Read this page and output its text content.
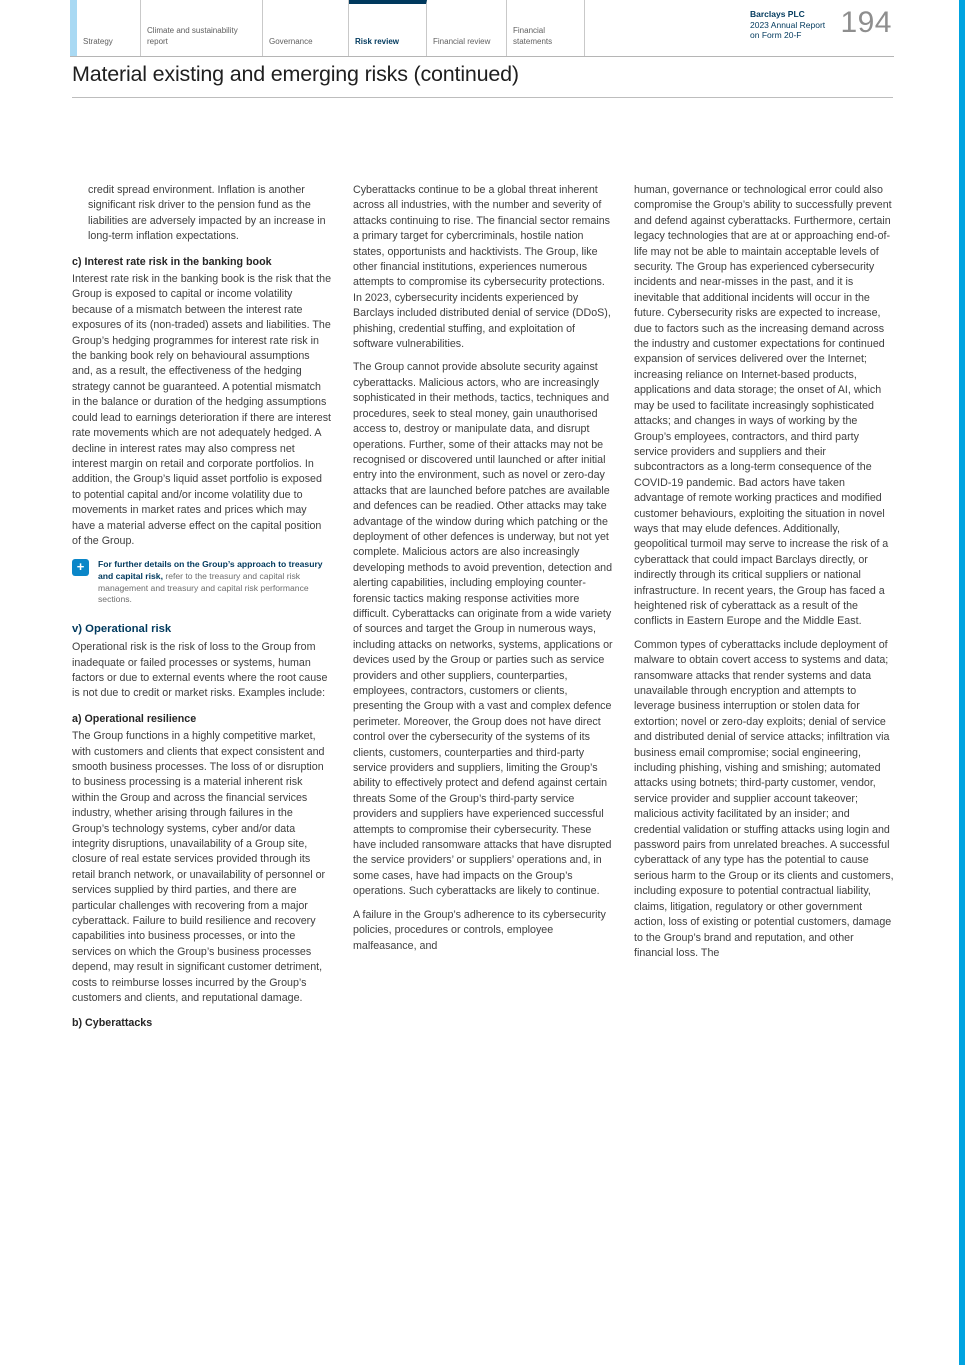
Strategy
Climate and sustainability report	Governance	Risk review	Financial review
Financial statements
Barclays PLC
2023 Annual Report
on Form 20-F	194
Material existing and emerging risks (continued)

credit spread environment. Inflation is another significant risk driver to the pension fund as the liabilities are adversely impacted by an increase in long-term inflation expectations.

c) Interest rate risk in the banking book

Interest rate risk in the banking book is the risk that the Group is exposed to capital or income volatility because of a mismatch between the interest rate exposures of its (non-traded) assets and liabilities. The Group’s hedging programmes for interest rate risk in the banking book rely on behavioural assumptions and, as a result, the effectiveness of the hedging strategy cannot be guaranteed. A potential mismatch in the balance or duration of the hedging assumptions could lead to earnings deterioration if there are interest rate movements which are not adequately hedged. A decline in interest rates may also compress net interest margin on retail and corporate portfolios. In addition, the Group’s liquid asset portfolio is exposed to potential capital and/or income volatility due to movements in market rates and prices which may have a material adverse effect on the capital position of the Group.

+	For further details on the Group’s approach to treasury and capital risk, refer to the treasury and capital risk management and treasury and capital risk performance sections.
v) Operational risk

Operational risk is the risk of loss to the Group from inadequate or failed processes or systems, human factors or due to external events where the root cause is not due to credit or market risks. Examples include:

a) Operational resilience

The Group functions in a highly competitive market, with customers and clients that expect consistent and smooth business processes. The loss of or disruption to business processing is a material inherent risk within the Group and across the financial services industry, whether arising through failures in the Group’s technology systems, cyber and/or data integrity disruptions, unavailability of a Group site, closure of real estate services provided through its retail branch network, or unavailability of personnel or services supplied by third parties, and there are particular challenges with recovering from a major cyberattack. Failure to build resilience and recovery capabilities into business processes, or into the services on which the Group’s business processes depend, may result in significant customer detriment, costs to reimburse losses incurred by the Group’s customers and clients, and reputational damage.

b) Cyberattacks

Cyberattacks continue to be a global threat inherent across all industries, with the number and severity of attacks continuing to rise. The financial sector remains a primary target for cybercriminals, hostile nation states, opportunists and hacktivists. The Group, like other financial institutions, experiences numerous attempts to compromise its cybersecurity protections. In 2023, cybersecurity incidents experienced by Barclays included distributed denial of service (DDoS), phishing, credential stuffing, and exploitation of software vulnerabilities.

The Group cannot provide absolute security against cyberattacks. Malicious actors, who are increasingly sophisticated in their methods, tactics, techniques and procedures, seek to steal money, gain unauthorised access to, destroy or manipulate data, and disrupt operations. Further, some of their attacks may not be recognised or discovered until launched or after initial entry into the environment, such as novel or zero-day attacks that are launched before patches are available and defences can be readied. Other attacks may take advantage of the window during which patching or the deployment of other defences is underway, but not yet complete. Malicious actors are also increasingly developing methods to avoid prevention, detection and alerting capabilities, including employing counter-forensic tactics making response activities more difficult. Cyberattacks can originate from a wide variety of sources and target the Group in numerous ways, including attacks on networks, systems, applications or devices used by the Group or parties such as service providers and other suppliers, counterparties, employees, contractors, customers or clients, presenting the Group with a vast and complex defence perimeter. Moreover, the Group does not have direct control over the cybersecurity of the systems of its clients, customers, counterparties and third-party service providers and suppliers, limiting the Group’s ability to effectively protect and defend against certain threats Some of the Group’s third-party service providers and suppliers have experienced successful attempts to compromise their cybersecurity. These have included ransomware attacks that have disrupted the service providers’ or suppliers’ operations and, in some cases, have had impacts on the Group’s operations. Such cyberattacks are likely to continue.

A failure in the Group’s adherence to its cybersecurity policies, procedures or controls, employee malfeasance, and

human, governance or technological error could also compromise the Group’s ability to successfully prevent and defend against cyberattacks. Furthermore, certain legacy technologies that are at or approaching end-of-life may not be able to maintain acceptable levels of security. The Group has experienced cybersecurity incidents and near-misses in the past, and it is inevitable that additional incidents will occur in the future. Cybersecurity risks are expected to increase, due to factors such as the increasing demand across the industry and customer expectations for continued expansion of services delivered over the Internet; increasing reliance on Internet-based products, applications and data storage; the onset of AI, which may be used to facilitate increasingly sophisticated attacks; and changes in ways of working by the Group’s employees, contractors, and third party service providers and suppliers and their subcontractors as a long-term consequence of the COVID-19 pandemic. Bad actors have taken advantage of remote working practices and modified customer behaviours, exploiting the situation in novel ways that may elude defences. Additionally, geopolitical turmoil may serve to increase the risk of a cyberattack that could impact Barclays directly, or indirectly through its critical suppliers or national infrastructure. In recent years, the Group has faced a heightened risk of cyberattack as a result of the conflicts in Eastern Europe and the Middle East.

Common types of cyberattacks include deployment of malware to obtain covert access to systems and data; ransomware attacks that render systems and data unavailable through encryption and attempts to leverage business interruption or stolen data for extortion; novel or zero-day exploits; denial of service and distributed denial of service attacks; infiltration via business email compromise; social engineering, including phishing, vishing and smishing; automated attacks using botnets; third-party customer, vendor, service provider and supplier account takeover; malicious activity facilitated by an insider; and credential validation or stuffing attacks using login and password pairs from unrelated breaches. A successful cyberattack of any type has the potential to cause serious harm to the Group or its clients and customers, including exposure to potential contractual liability, claims, litigation, regulatory or other government action, loss of existing or potential customers, damage to the Group’s brand and reputation, and other financial loss. The
